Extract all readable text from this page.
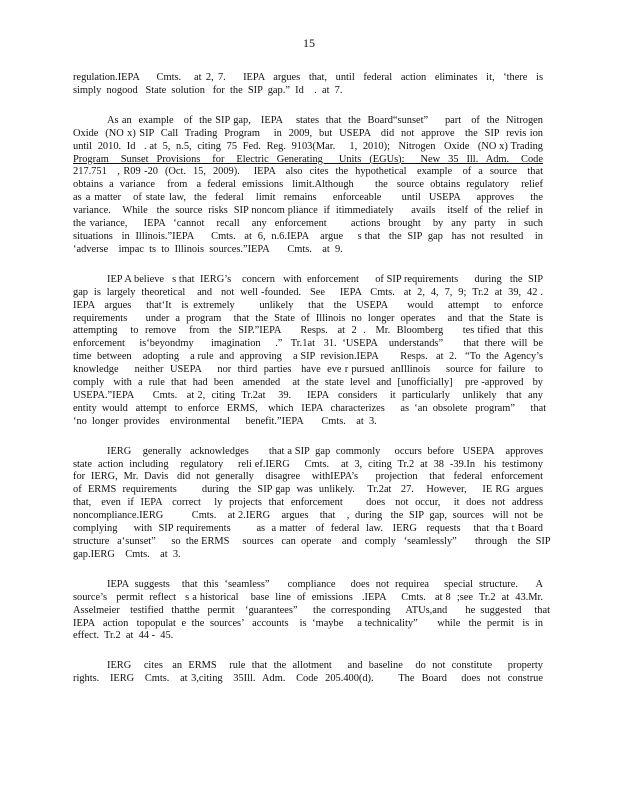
15
regulation.IEPA    Cmts.   at 2, 7.    IEPA  argues  that,  until  federal  action  eliminates  it,  ‘there  is
simply  nogood   State  solution   for  the  SIP  gap.”  Id    .  at  7.
As an  example   of  the SIP gap,   IEPA    states  that  the  Board“sunset”     part   of  the  Nitrogen
Oxide  (NO x) SIP  Call  Trading  Program    in  2009,  but  USEPA   did  not  approve   the  SIP  revis ion
until  2010.  Id   . at  5,  n.5,  citing  75  Fed.  Reg.  9103(Mar.     1,  2010);   Nitrogen   Oxide   (NO x) Trading
Program   Sunset  Provisions   for   Electric  Generating    Units  (EGUs):    New  35  Ill.  Adm.   Code
217.751   , R09 -20  (Oct.  15,  2009).    IEPA   also  cites  the  hypothetical   example   of  a  source   that
obtains  a  variance    from   a  federal  emissions   limit.Although       the   source  obtains  regulatory    relief
as a matter   of state law,  the  federal   limit  remains    enforceable     until  USEPA    approves    the
variance.    While   the  source  risks  SIP noncom pliance  if  itimmediately      avails    itself  of  the  relief  in
the variance,    IEPA  ‘cannot   recall   any  enforcement      actions  brought   by  any  party   in  such
situations   in  Illinois.”IEPA      Cmts.   at  6,  n.6.IEPA    argue     s that   the  SIP  gap   has  not  resulted    in
‘adverse    impac  ts  to  Illinois  sources.”IEPA       Cmts.    at  9.
IEP A believe   s that  IERG’s    concern   with  enforcement      of SIP requirements      during   the  SIP
gap  is  largely  theoretical    and   not  well -founded.   See     IEPA   Cmts.   at  2,  4,  7,  9;  Tr.2  at  39,  42 .
IEPA  argues   that‘It  is extremely     unlikely   that  the  USEPA    would   attempt   to  enforce
requirements      under  a  program    that  the  State  of  Illinois  no  longer  operates    and  that  the  State  is
attempting    to  remove    from   the  SIP.”IEPA      Resps.   at  2  .   Mr.  Bloomberg      tes tified  that  this
enforcement     is‘beyondmy      imagination     .”   Tr.1at   31.  ‘USEPA    understands”       that  there  will  be
time  between    adopting    a rule  and  approving    a SIP  revision.IEPA        Resps.   at  2.   “To  the  Agency’s
knowledge     neither  USEPA     nor  third  parties   have  eve r pursued  anIllinois     source  for  failure   to
comply   with  a  rule  that  had  been   amended    at  the  state  level  and  [unofficially]    pre -approved   by
USEPA.”IEPA      Cmts.   at 2,  citing  Tr.2at    39.     IEPA   considers    it  particularly    unlikely   that  any
entity  would   attempt   to  enforce   ERMS,    which   IEPA   characterizes      as  ‘an  obsolete   program”      that
‘no  longer  provides    environmental      benefit.”IEPA       Cmts.    at  3.
IERG    generally   acknowledges       that a SIP  gap  commonly     occurs  before   USEPA    approves
state  action  including    regulatory     reli ef.IERG     Cmts.    at  3,  citing  Tr.2  at  38  -39.In   his  testimony
for  IERG,  Mr.  Davis   did  not  generally    disagree    withIEPA’s      projection    that   federal   enforcement
of  ERMS  requirements        during   the  SIP gap  was  unlikely.    Tr.2at   27.    However,     IE RG  argues
that,   even  if  IEPA   correct    ly  projects  that  enforcement       does   not  occur,    it  does  not  address
noncompliance.IERG          Cmts.    at 2.IERG    argues    that    ,  during   the  SIP  gap,  sources   will  not  be
complying     with  SIP requirements        as  a matter   of  federal  law.   IERG   requests    that  tha t Board
structure   a‘sunset”      so  the ERMS     sources   can  operate    and   comply   ‘seamlessly”       through    the  SIP
gap.IERG    Cmts.    at  3.
IEPA  suggests    that  this  ‘seamless”      compliance     does  not  requirea     special  structure.      A
source’s   permit  reflect   s a historical    base  line  of  emissions   .IEPA     Cmts.   at 8  ;see  Tr.2  at  43.Mr.
Asselmeier    testified   thatthe   permit    ‘guarantees”      the  corresponding      ATUs,and       he  suggested     that
IEPA   action   topopulat  e  the  sources’   accounts    is  ‘maybe     a technicality”       while   the  permit   is  in
effect.  Tr.2  at  44 -  45.
IERG    cites   an  ERMS    rule  that  the  allotment     and  baseline    do  not  constitute     property
rights.   IERG   Cmts.   at 3,citing   35Ill.  Adm.   Code  205.400(d).       The  Board    does  not  construe
